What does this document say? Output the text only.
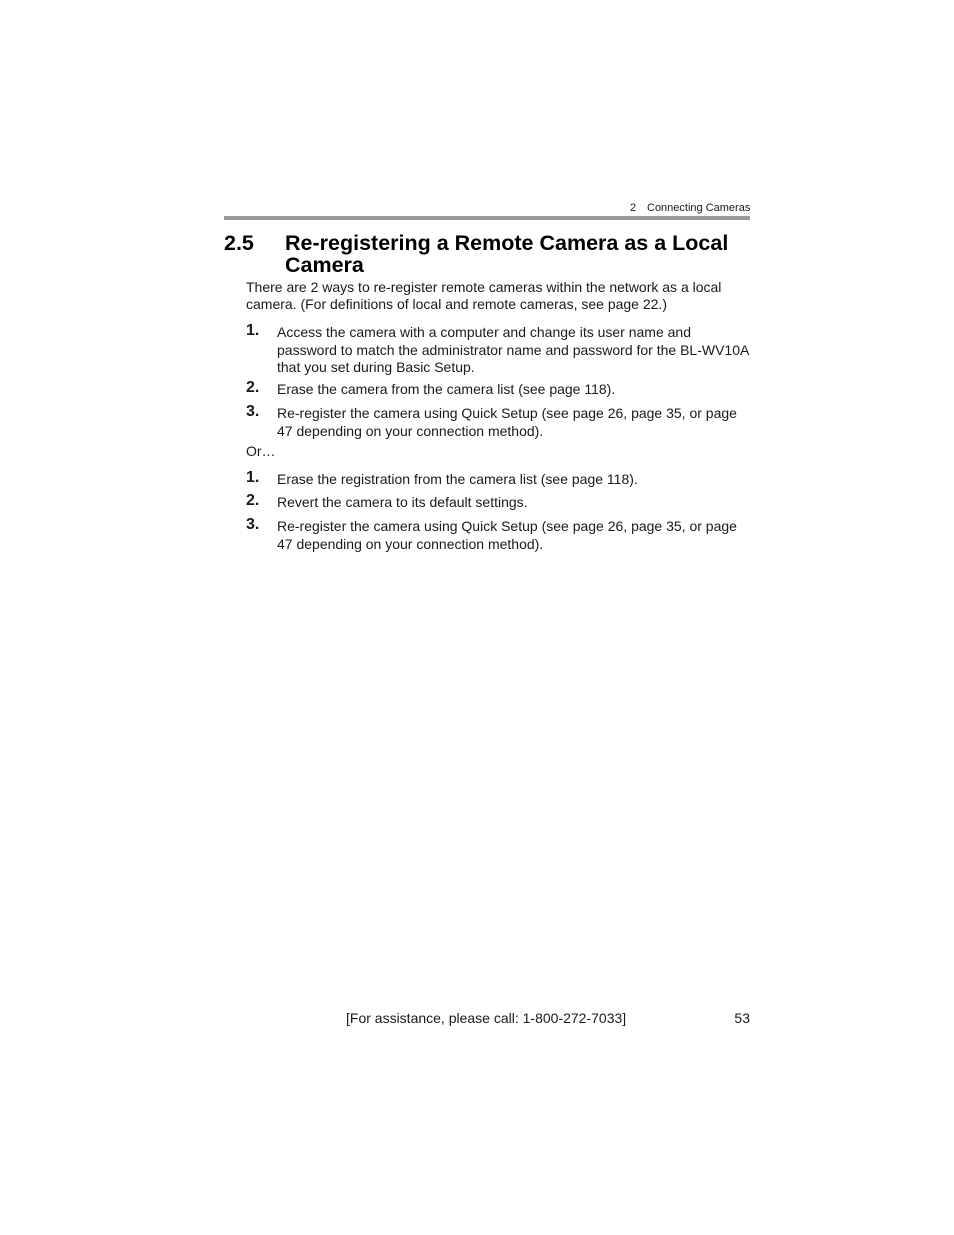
2 Connecting Cameras
2.5 Re-registering a Remote Camera as a Local Camera
There are 2 ways to re-register remote cameras within the network as a local camera. (For definitions of local and remote cameras, see page 22.)
1. Access the camera with a computer and change its user name and password to match the administrator name and password for the BL-WV10A that you set during Basic Setup.
2. Erase the camera from the camera list (see page 118).
3. Re-register the camera using Quick Setup (see page 26, page 35, or page 47 depending on your connection method).
Or…
1. Erase the registration from the camera list (see page 118).
2. Revert the camera to its default settings.
3. Re-register the camera using Quick Setup (see page 26, page 35, or page 47 depending on your connection method).
[For assistance, please call: 1-800-272-7033]	53
